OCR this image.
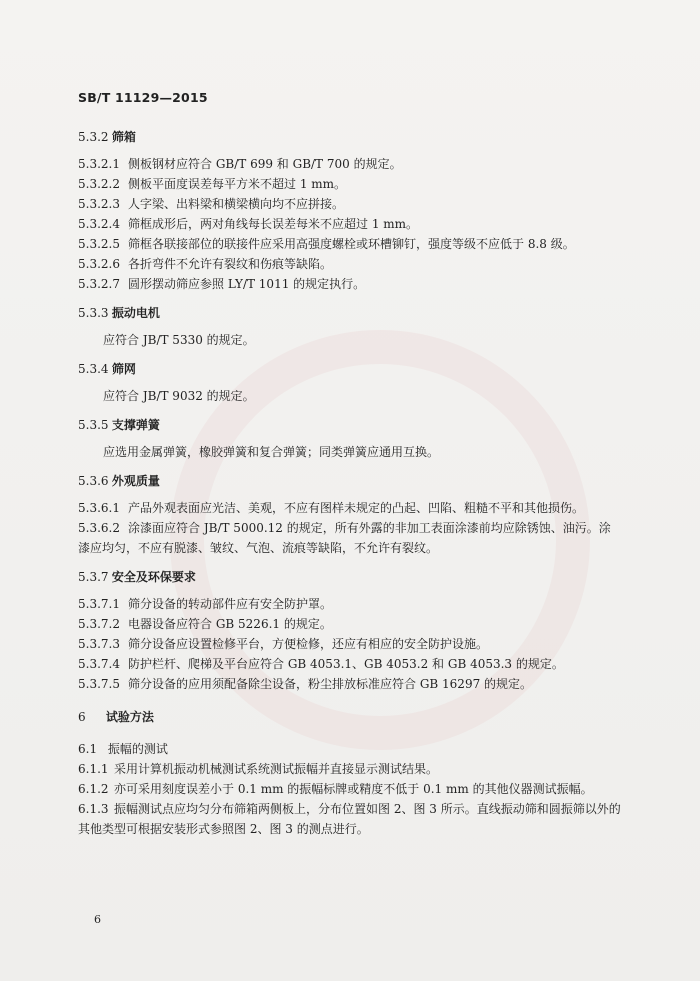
SB/T 11129—2015
5.3.2 筛箱
5.3.2.1 侧板钢材应符合 GB/T 699 和 GB/T 700 的规定。
5.3.2.2 侧板平面度误差每平方米不超过 1 mm。
5.3.2.3 人字梁、出料梁和横梁横向均不应拼接。
5.3.2.4 筛框成形后，两对角线每长误差每米不应超过 1 mm。
5.3.2.5 筛框各联接部位的联接件应采用高强度螺栓或环槽铆钉，强度等级不应低于 8.8 级。
5.3.2.6 各折弯件不允许有裂纹和伤痕等缺陷。
5.3.2.7 圆形摆动筛应参照 LY/T 1011 的规定执行。
5.3.3 振动电机
应符合 JB/T 5330 的规定。
5.3.4 筛网
应符合 JB/T 9032 的规定。
5.3.5 支撑弹簧
应选用金属弹簧，橡胶弹簧和复合弹簧；同类弹簧应通用互换。
5.3.6 外观质量
5.3.6.1 产品外观表面应光洁、美观，不应有图样未规定的凸起、凹陷、粗糙不平和其他损伤。
5.3.6.2 涂漆面应符合 JB/T 5000.12 的规定，所有外露的非加工表面涂漆前均应除锈蚀、油污。涂
漆应均匀，不应有脱漆、皱纹、气泡、流痕等缺陷，不允许有裂纹。
5.3.7 安全及环保要求
5.3.7.1 筛分设备的转动部件应有安全防护罩。
5.3.7.2 电器设备应符合 GB 5226.1 的规定。
5.3.7.3 筛分设备应设置检修平台，方便检修，还应有相应的安全防护设施。
5.3.7.4 防护栏杆、爬梯及平台应符合 GB 4053.1、GB 4053.2 和 GB 4053.3 的规定。
5.3.7.5 筛分设备的应用须配备除尘设备，粉尘排放标准应符合 GB 16297 的规定。
6 试验方法
6.1 振幅的测试
6.1.1 采用计算机振动机械测试系统测试振幅并直接显示测试结果。
6.1.2 亦可采用刻度误差小于 0.1 mm 的振幅标牌或精度不低于 0.1 mm 的其他仪器测试振幅。
6.1.3 振幅测试点应均匀分布筛箱两侧板上，分布位置如图 2、图 3 所示。直线振动筛和圆振筛以外的
其他类型可根据安装形式参照图 2、图 3 的测点进行。
6
